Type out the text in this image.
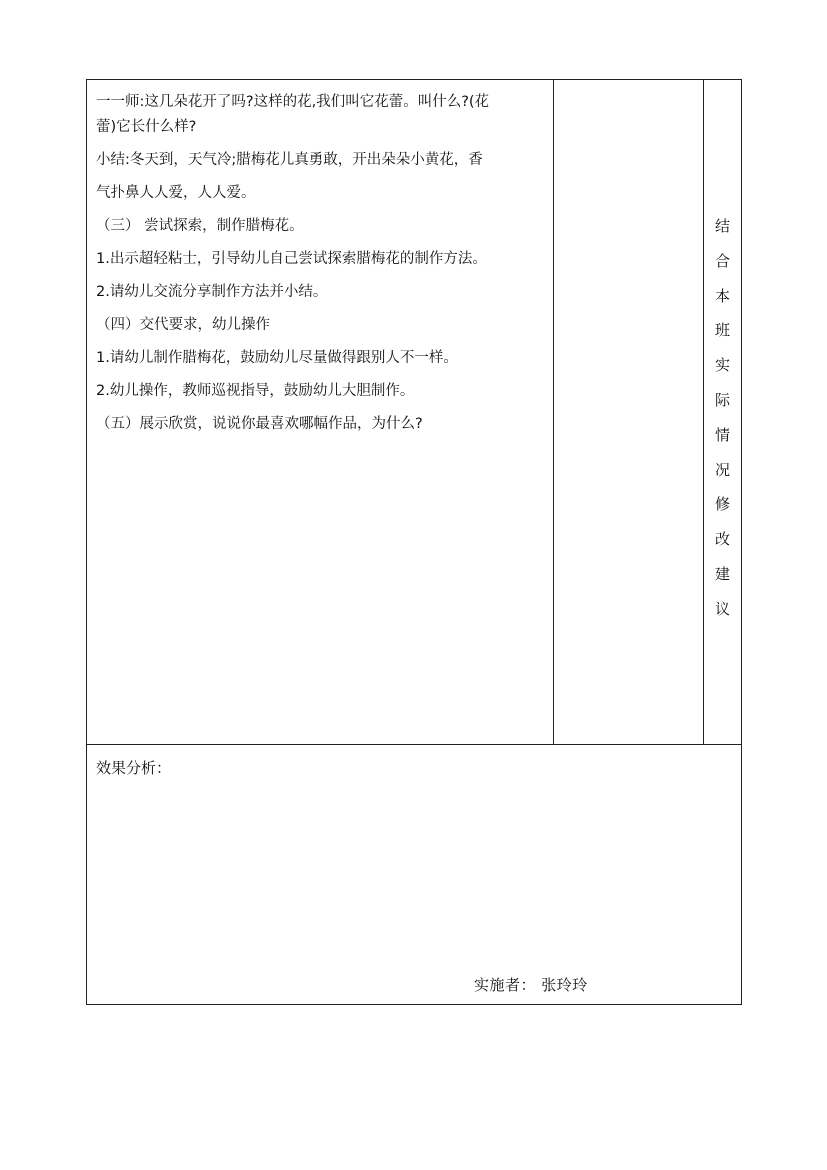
一一师:这几朵花开了吗?这样的花,我们叫它花蕾。叫什么?(花

蕾)它长什么样?

小结:冬天到，天气冷;腊梅花儿真勇敢，开出朵朵小黄花，香

气扑鼻人人爱，人人爱。

（三） 尝试探索，制作腊梅花。

1.出示超轻粘士，引导幼儿自己尝试探索腊梅花的制作方法。

2.请幼儿交流分享制作方法并小结。

（四）交代要求，幼儿操作

1.请幼儿制作腊梅花，鼓励幼儿尽量做得跟别人不一样。

2.幼儿操作，教师巡视指导，鼓励幼儿大胆制作。

（五）展示欣赏，说说你最喜欢哪幅作品，为什么?

结
合
本
班
实
际
情
况
修
改
建
议
效果分析：
实施者： 张玲玲
